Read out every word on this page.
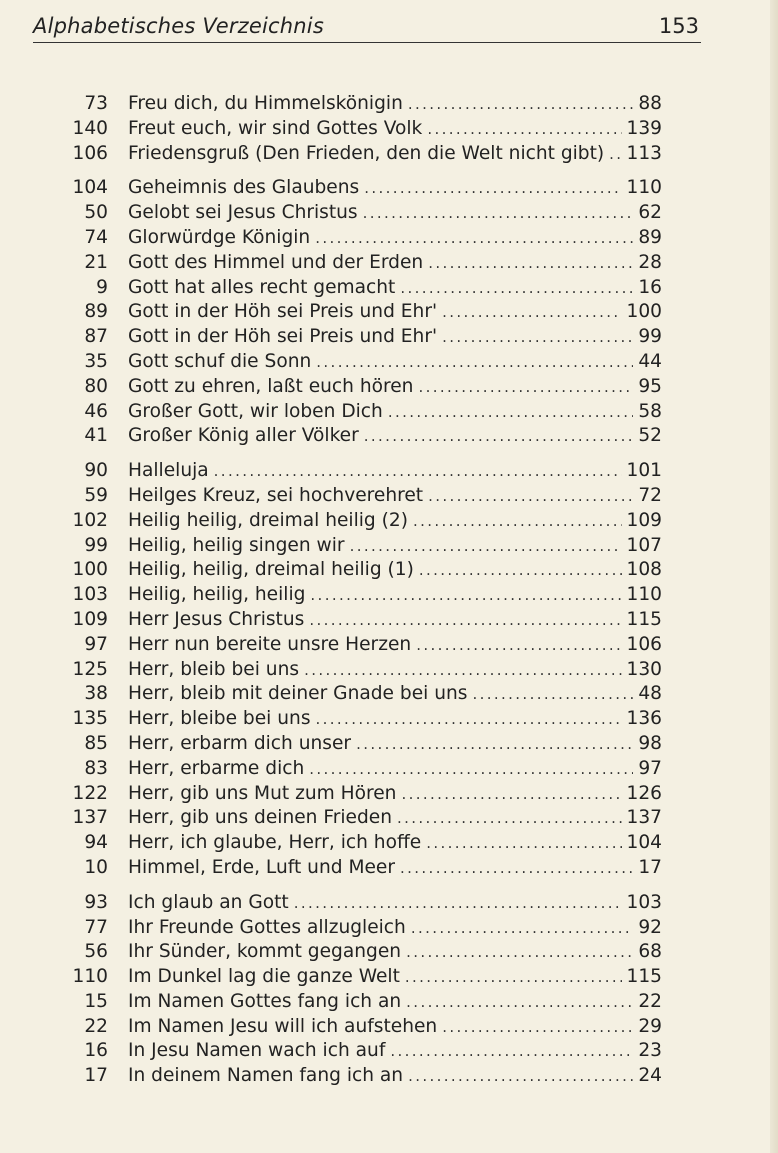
Alphabetisches Verzeichnis	153
73 Freu dich, du Himmelskönigin . . .	88
140 Freut euch, wir sind Gottes Volk . . .	139
106 Friedensgruß (Den Frieden, den die Welt nicht gibt) . . . 113
104 Geheimnis des Glaubens . . .	110
50 Gelobt sei Jesus Christus . . .	62
74 Glorwürdge Königin . . .	89
21 Gott des Himmel und der Erden . . .	28
9 Gott hat alles recht gemacht . . .	16
89 Gott in der Höh sei Preis und Ehr' . . .	100
87 Gott in der Höh sei Preis und Ehr' . . .	99
35 Gott schuf die Sonn . . .	44
80 Gott zu ehren, laßt euch hören . . .	95
46 Großer Gott, wir loben Dich . . .	58
41 Großer König aller Völker . . .	52
90 Halleluja . . .	101
59 Heilges Kreuz, sei hochverehret . . .	72
102 Heilig heilig, dreimal heilig (2) . . .	109
99 Heilig, heilig singen wir . . .	107
100 Heilig, heilig, dreimal heilig (1) . . .	108
103 Heilig, heilig, heilig . . .	110
109 Herr Jesus Christus . . .	115
97 Herr nun bereite unsre Herzen . . .	106
125 Herr, bleib bei uns . . .	130
38 Herr, bleib mit deiner Gnade bei uns . . .	48
135 Herr, bleibe bei uns . . .	136
85 Herr, erbarm dich unser . . .	98
83 Herr, erbarme dich . . .	97
122 Herr, gib uns Mut zum Hören . . .	126
137 Herr, gib uns deinen Frieden . . .	137
94 Herr, ich glaube, Herr, ich hoffe . . .	104
10 Himmel, Erde, Luft und Meer . . .	17
93 Ich glaub an Gott . . .	103
77 Ihr Freunde Gottes allzugleich . . .	92
56 Ihr Sünder, kommt gegangen . . .	68
110 Im Dunkel lag die ganze Welt . . .	115
15 Im Namen Gottes fang ich an . . .	22
22 Im Namen Jesu will ich aufstehen . . .	29
16 In Jesu Namen wach ich auf . . .	23
17 In deinem Namen fang ich an . . .	24
